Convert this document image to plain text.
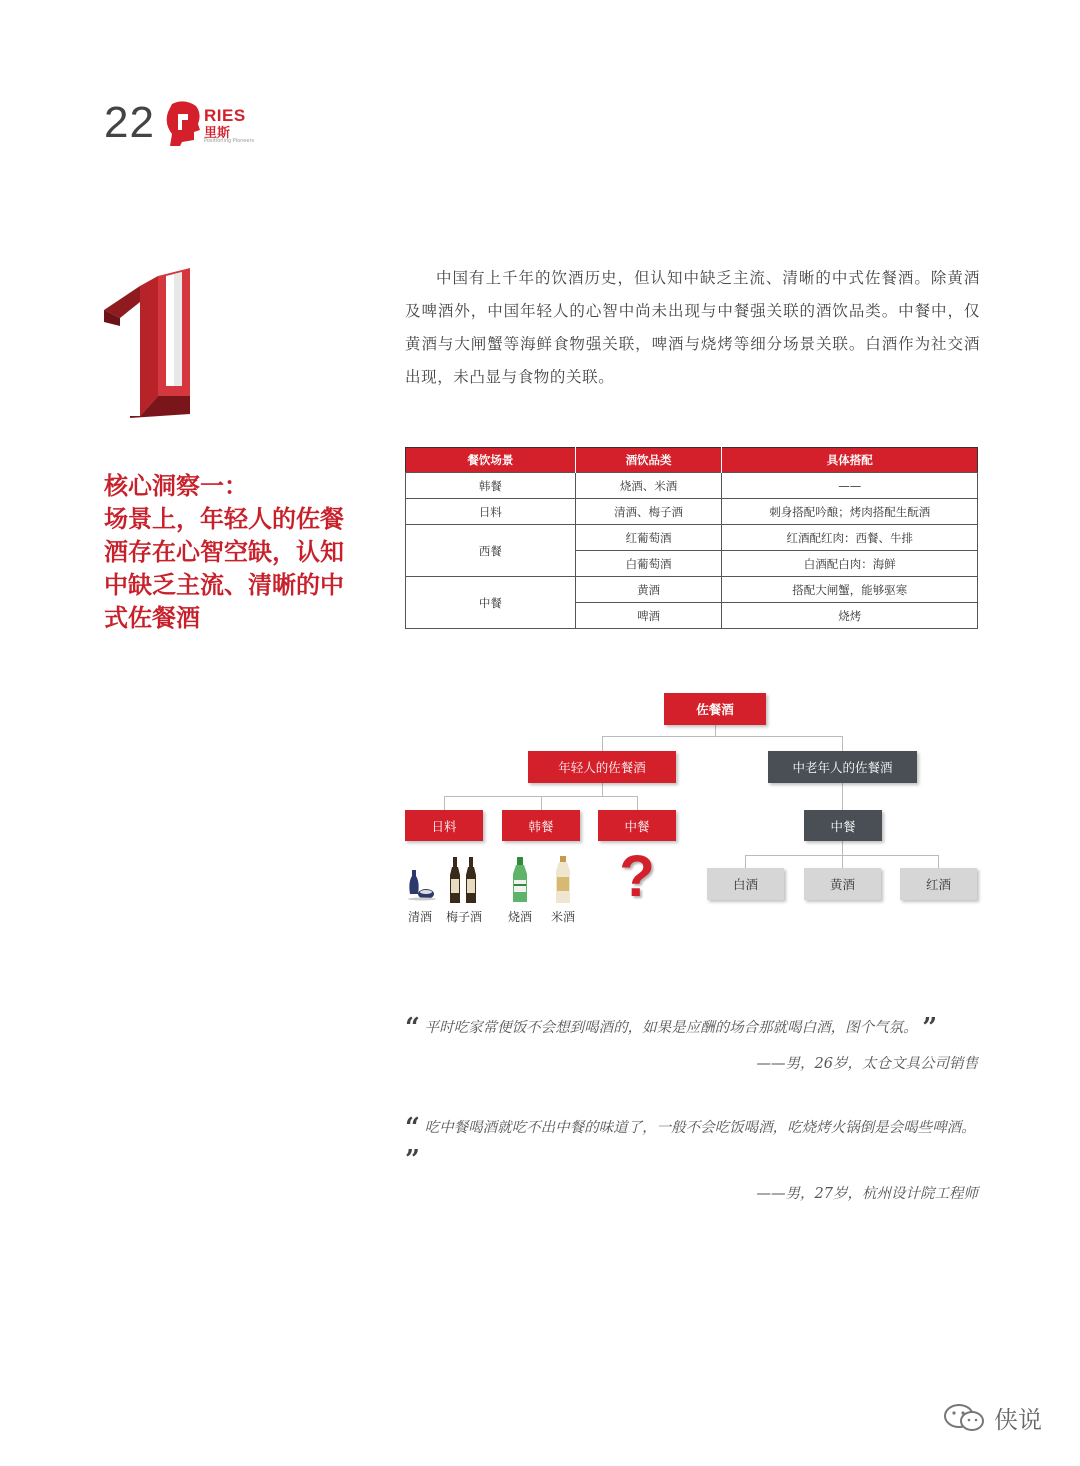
22	RIES
里斯
Positioning Pioneers
核心洞察一：
场景上，年轻人的佐餐
酒存在心智空缺，认知
中缺乏主流、清晰的中
式佐餐酒

中国有上千年的饮酒历史，但认知中缺乏主流、清晰的中式佐餐酒。除黄酒及啤酒外，中国年轻人的心智中尚未出现与中餐强关联的酒饮品类。中餐中，仅黄酒与大闸蟹等海鲜食物强关联，啤酒与烧烤等细分场景关联。白酒作为社交酒出现，未凸显与食物的关联。

餐饮场景	酒饮品类	具体搭配
韩餐	烧酒、米酒	——
日料	清酒、梅子酒	刺身搭配吟酿；烤肉搭配生酛酒
西餐	红葡萄酒	红酒配红肉：西餐、牛排
	白葡萄酒	白酒配白肉：海鲜
中餐	黄酒	搭配大闸蟹，能够驱寒
	啤酒	烧烤
佐餐酒
年轻人的佐餐酒	中老年人的佐餐酒
日料	韩餐	中餐	中餐
白酒	黄酒	红酒
?
清酒	梅子酒	烧酒	米酒
“ 平时吃家常便饭不会想到喝酒的，如果是应酬的场合那就喝白酒，图个气氛。 ”
——男，26岁，太仓文具公司销售
“ 吃中餐喝酒就吃不出中餐的味道了，一般不会吃饭喝酒，吃烧烤火锅倒是会喝些啤酒。 ”
——男，27岁，杭州设计院工程师
侠说
